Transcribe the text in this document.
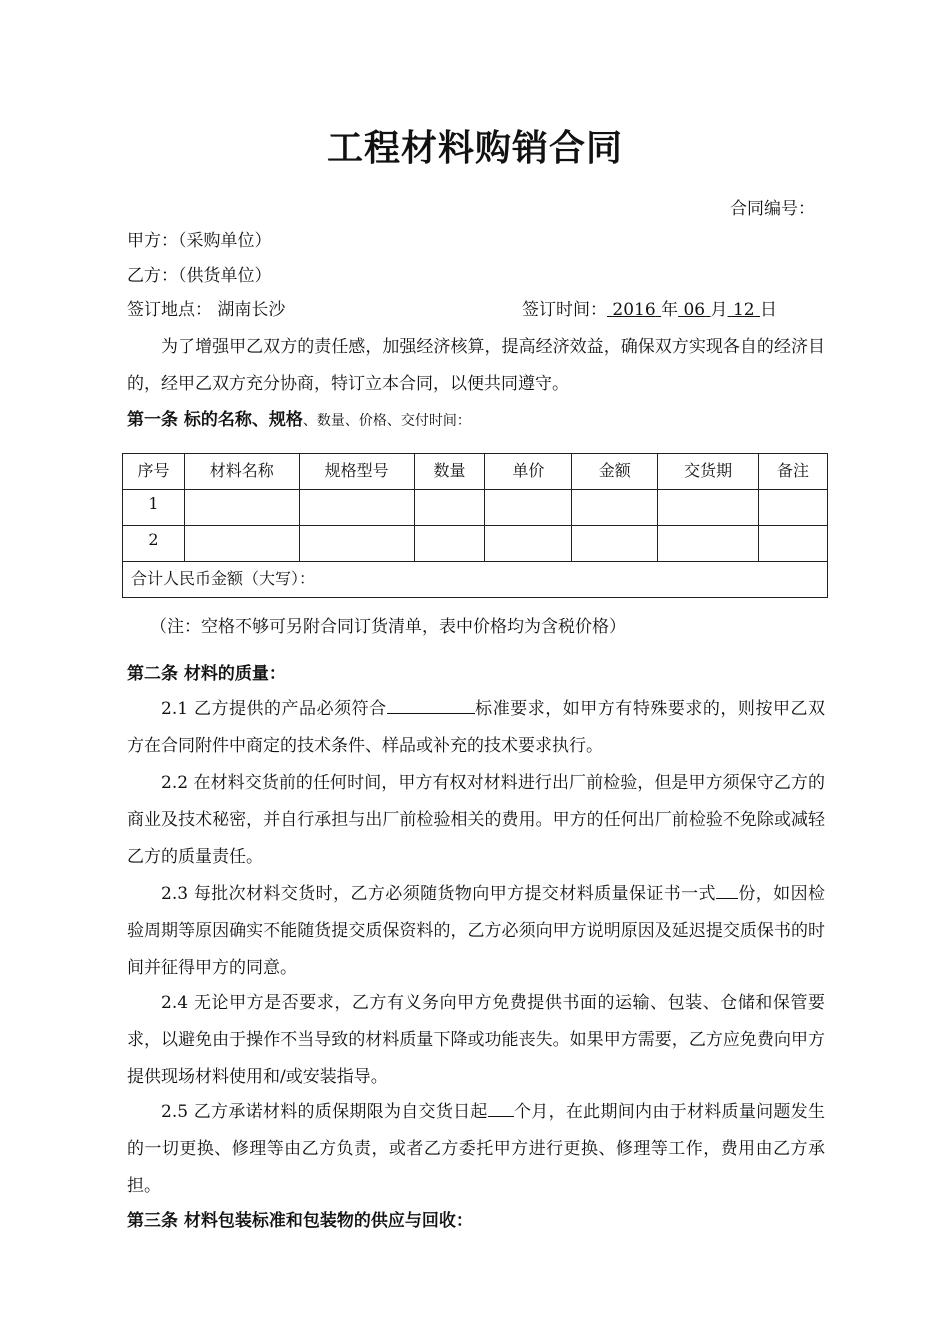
工程材料购销合同
合同编号：
甲方：（采购单位）
乙方：（供货单位）
签订地点： 湖南长沙	签订时间： 2016 年 06 月 12 日
为了增强甲乙双方的责任感，加强经济核算，提高经济效益，确保双方实现各自的经济目的，经甲乙双方充分协商，特订立本合同，以便共同遵守。
第一条 标的名称、规格、数量、价格、交付时间：
序号	材料名称	规格型号	数量	单价	金额	交货期	备注

1							

2							

合计人民币金额（大写）：							
（注：空格不够可另附合同订货清单，表中价格均为含税价格）
第二条 材料的质量：
2.1 乙方提供的产品必须符合	标准要求，如甲方有特殊要求的，则按甲乙双方在合同附件中商定的技术条件、样品或补充的技术要求执行。
2.2 在材料交货前的任何时间，甲方有权对材料进行出厂前检验，但是甲方须保守乙方的商业及技术秘密，并自行承担与出厂前检验相关的费用。甲方的任何出厂前检验不免除或减轻乙方的质量责任。
2.3 每批次材料交货时，乙方必须随货物向甲方提交材料质量保证书一式 份，如因检验周期等原因确实不能随货提交质保资料的，乙方必须向甲方说明原因及延迟提交质保书的时间并征得甲方的同意。
2.4 无论甲方是否要求，乙方有义务向甲方免费提供书面的运输、包装、仓储和保管要求，以避免由于操作不当导致的材料质量下降或功能丧失。如果甲方需要，乙方应免费向甲方提供现场材料使用和/或安装指导。
2.5 乙方承诺材料的质保期限为自交货日起 个月，在此期间内由于材料质量问题发生的一切更换、修理等由乙方负责，或者乙方委托甲方进行更换、修理等工作，费用由乙方承担。
第三条 材料包装标准和包装物的供应与回收：
